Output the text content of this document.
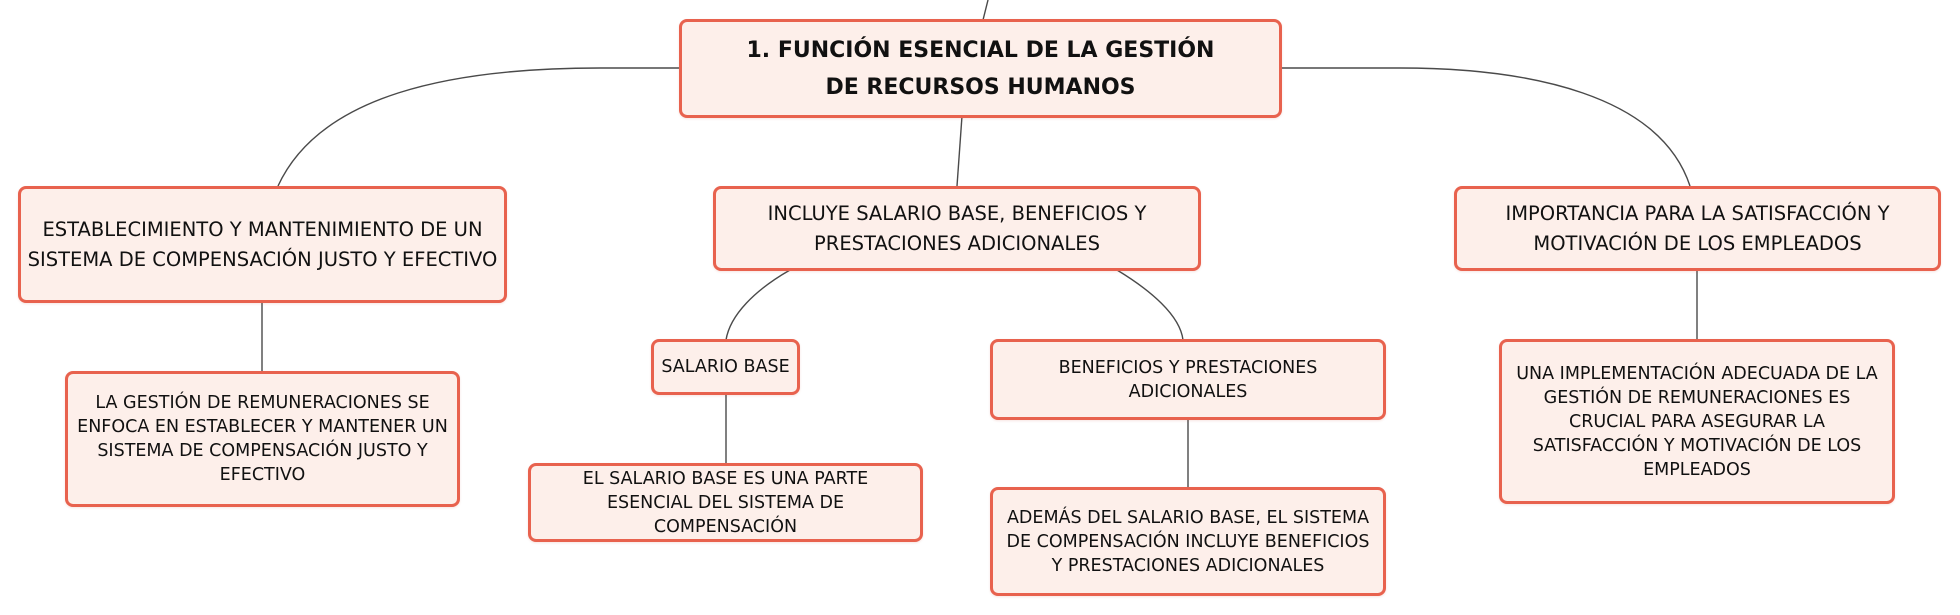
1. FUNCIÓN ESENCIAL DE LA GESTIÓN DE RECURSOS HUMANOS
ESTABLECIMIENTO Y MANTENIMIENTO DE UN SISTEMA DE COMPENSACIÓN JUSTO Y EFECTIVO
INCLUYE SALARIO BASE, BENEFICIOS Y PRESTACIONES ADICIONALES
IMPORTANCIA PARA LA SATISFACCIÓN Y MOTIVACIÓN DE LOS EMPLEADOS
LA GESTIÓN DE REMUNERACIONES SE ENFOCA EN ESTABLECER Y MANTENER UN SISTEMA DE COMPENSACIÓN JUSTO Y EFECTIVO
SALARIO BASE	BENEFICIOS Y PRESTACIONES ADICIONALES
EL SALARIO BASE ES UNA PARTE ESENCIAL DEL SISTEMA DE COMPENSACIÓN	ADEMÁS DEL SALARIO BASE, EL SISTEMA DE COMPENSACIÓN INCLUYE BENEFICIOS Y PRESTACIONES ADICIONALES
UNA IMPLEMENTACIÓN ADECUADA DE LA GESTIÓN DE REMUNERACIONES ES CRUCIAL PARA ASEGURAR LA SATISFACCIÓN Y MOTIVACIÓN DE LOS EMPLEADOS
